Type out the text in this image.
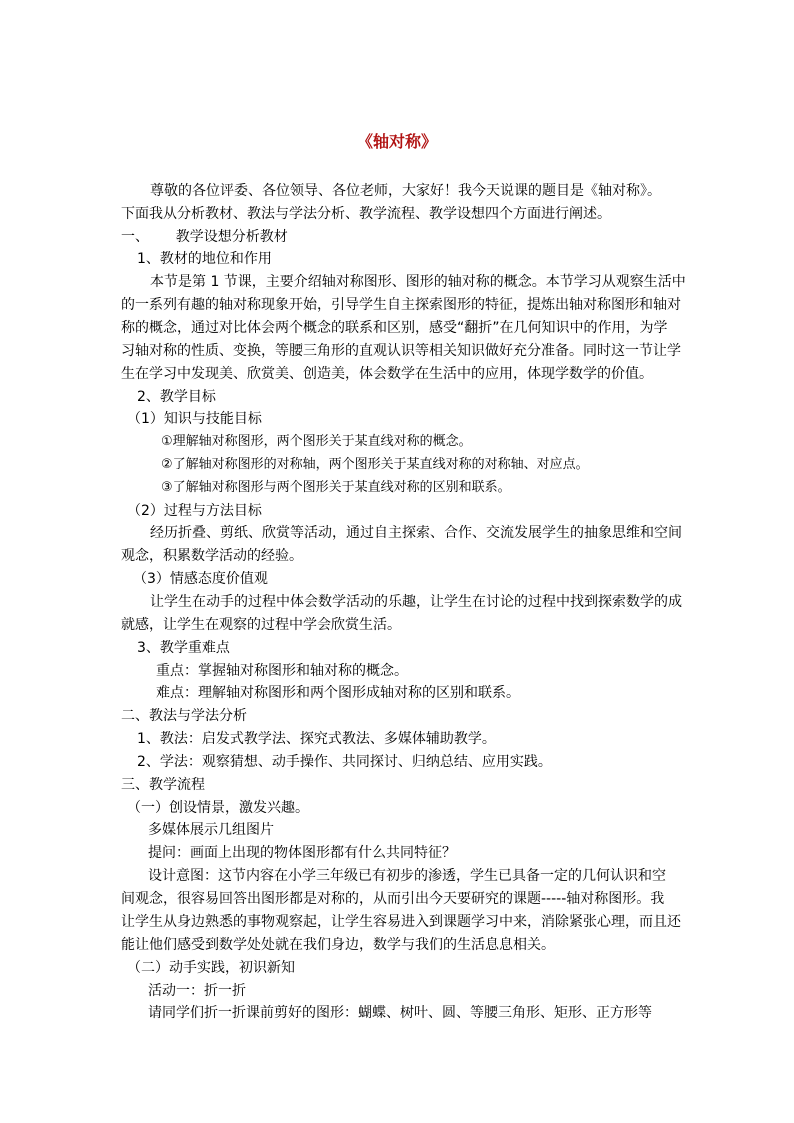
《轴对称》
尊敬的各位评委、各位领导、各位老师，大家好！我今天说课的题目是《轴对称》。
下面我从分析教材、教法与学法分析、教学流程、教学设想四个方面进行阐述。
一、      教学设想分析教材
1、教材的地位和作用
本节是第 1 节课，主要介绍轴对称图形、图形的轴对称的概念。本节学习从观察生活中
的一系列有趣的轴对称现象开始，引导学生自主探索图形的特征，提炼出轴对称图形和轴对
称的概念，通过对比体会两个概念的联系和区别，感受“翻折”在几何知识中的作用，为学
习轴对称的性质、变换，等腰三角形的直观认识等相关知识做好充分准备。同时这一节让学
生在学习中发现美、欣赏美、创造美，体会数学在生活中的应用，体现学数学的价值。
2、教学目标
（1）知识与技能目标
①理解轴对称图形，两个图形关于某直线对称的概念。
②了解轴对称图形的对称轴，两个图形关于某直线对称的对称轴、对应点。
③了解轴对称图形与两个图形关于某直线对称的区别和联系。
（2）过程与方法目标
经历折叠、剪纸、欣赏等活动，通过自主探索、合作、交流发展学生的抽象思维和空间
观念，积累数学活动的经验。
（3）情感态度价值观
让学生在动手的过程中体会数学活动的乐趣，让学生在讨论的过程中找到探索数学的成
就感，让学生在观察的过程中学会欣赏生活。
3、教学重难点
重点：掌握轴对称图形和轴对称的概念。
难点：理解轴对称图形和两个图形成轴对称的区别和联系。
二、教法与学法分析
1、教法：启发式教学法、探究式教法、多媒体辅助教学。
2、学法：观察猜想、动手操作、共同探讨、归纳总结、应用实践。
三、教学流程
（一）创设情景，激发兴趣。
多媒体展示几组图片
提问：画面上出现的物体图形都有什么共同特征？
设计意图：这节内容在小学三年级已有初步的渗透，学生已具备一定的几何认识和空
间观念，很容易回答出图形都是对称的，从而引出今天要研究的课题-----轴对称图形。我
让学生从身边熟悉的事物观察起，让学生容易进入到课题学习中来，消除紧张心理，而且还
能让他们感受到数学处处就在我们身边，数学与我们的生活息息相关。
（二）动手实践，初识新知
活动一：折一折
请同学们折一折课前剪好的图形：蝴蝶、树叶、圆、等腰三角形、矩形、正方形等
